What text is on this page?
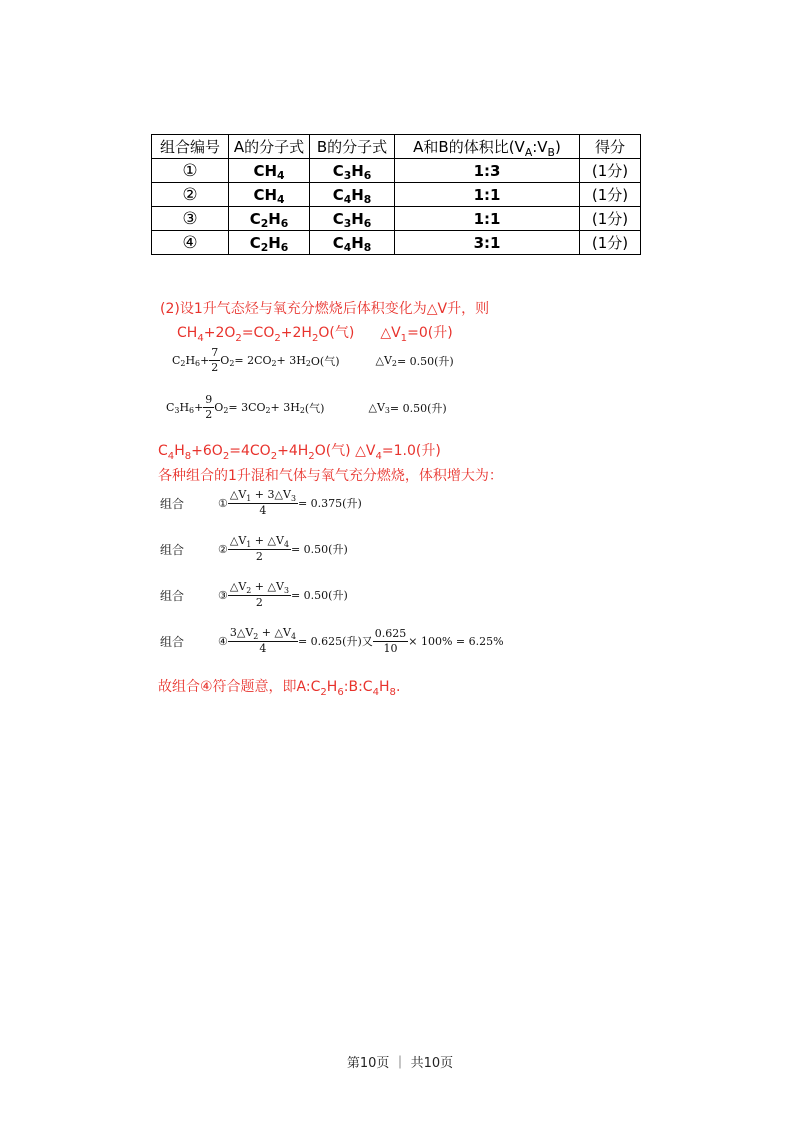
组合编号	A的分子式	B的分子式	A和B的体积比$(V_A:V_B)$	得分
①	$CH_4$	$C_3H_6$	1:3	(1分)
②	$CH_4$	$C_4H_8$	1:1	(1分)
③	$C_2H_6$	$C_3H_6$	1:1	(1分)
④	$C_2H_6$	$C_4H_8$	3:1	(1分)
(2)设1升气态烃与氧充分燃烧后体积变化为△V升，则
$CH_4+2O_2=CO_2+2H_2O$(气) $\triangle V_1=0$(升)
C 2 H $6 + \frac{7}{2}$ O 2 = 2CO 2 + 3H 2 O(气)	△V 2 = 0.50(升)
C 3 H $6 + \frac{9}{2}$ O 2 = 3CO 2 + 3H 2 (气)	△V 3 = 0.50(升)
$C_4H_8+6O_2=4CO_2+4H_2O$(气) $\triangle V_4=1.0$(升)
各种组合的1升混和气体与氧气充分燃烧，体积增大为：
组合	① $\frac{\triangle V_1 + 3\triangle V_3}{4} = 0.375$(升)
组合	② $\frac{\triangle V_1 + \triangle V_4}{2} = 0.50$(升)
组合	③ $\frac{\triangle V_2 + \triangle V_3}{2} = 0.50$(升)
组合	④ $\frac{3\triangle V_2 + \triangle V_4}{4} = 0.625$(升)又 $\frac{0.625}{10} \times 100\% = 6.25\%$
故组合④符合题意，即$A:C_2H_6:B:C_4H_8$.
第10页 ｜ 共10页
